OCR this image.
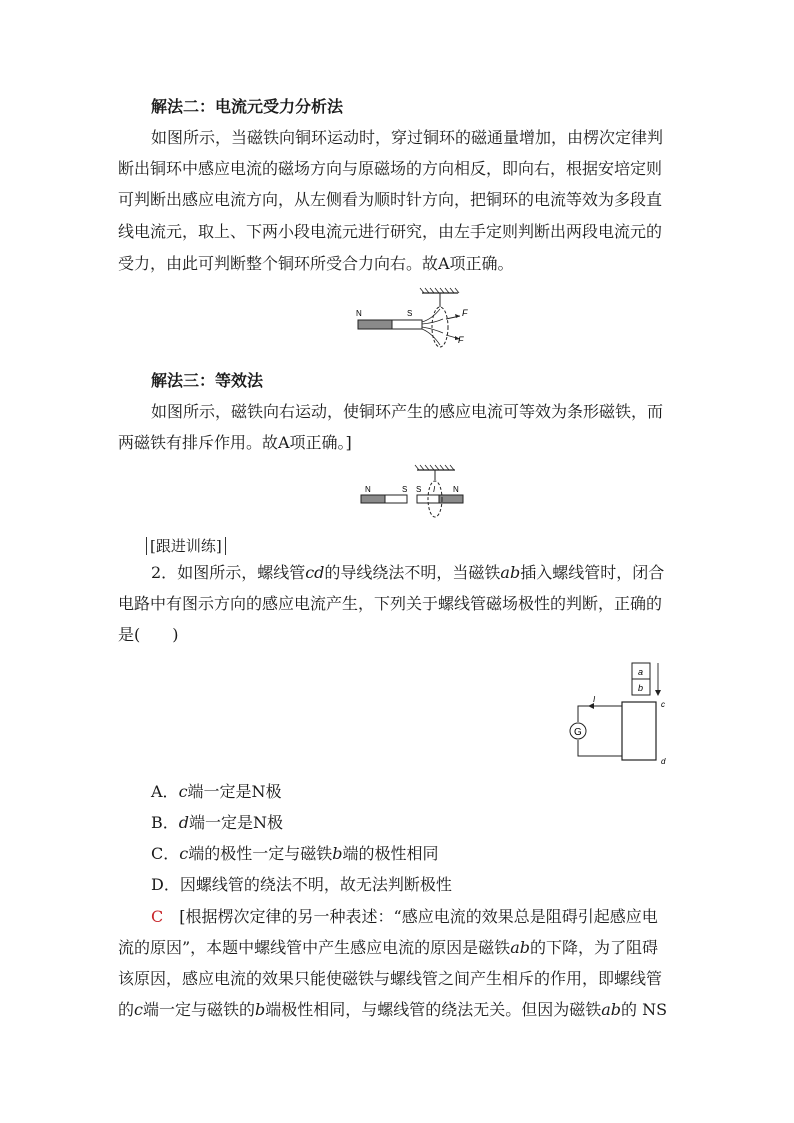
解法二：电流元受力分析法
如图所示，当磁铁向铜环运动时，穿过铜环的磁通量增加，由楞次定律判
断出铜环中感应电流的磁场方向与原磁场的方向相反，即向右，根据安培定则
可判断出感应电流方向，从左侧看为顺时针方向，把铜环的电流等效为多段直
线电流元，取上、下两小段电流元进行研究，由左手定则判断出两段电流元的
受力，由此可判断整个铜环所受合力向右。故A项正确。
N	S	F
F
解法三：等效法
如图所示，磁铁向右运动，使铜环产生的感应电流可等效为条形磁铁，而
两磁铁有排斥作用。故A项正确。]
N	S S I N
[跟进训练]
2．如图所示，螺线管cd的导线绕法不明，当磁铁ab插入螺线管时，闭合
电路中有图示方向的感应电流产生，下列关于螺线管磁场极性的判断，正确的
是(　　)
a
b
I
G
c
d
A．c端一定是N极
B．d端一定是N极
C．c端的极性一定与磁铁b端的极性相同
D．因螺线管的绕法不明，故无法判断极性
C　 [根据楞次定律的另一种表述：“感应电流的效果总是阻碍引起感应电
流的原因”，本题中螺线管中产生感应电流的原因是磁铁ab的下降，为了阻碍
该原因，感应电流的效果只能使磁铁与螺线管之间产生相斥的作用，即螺线管
的c端一定与磁铁的b端极性相同，与螺线管的绕法无关。但因为磁铁ab的 NS
